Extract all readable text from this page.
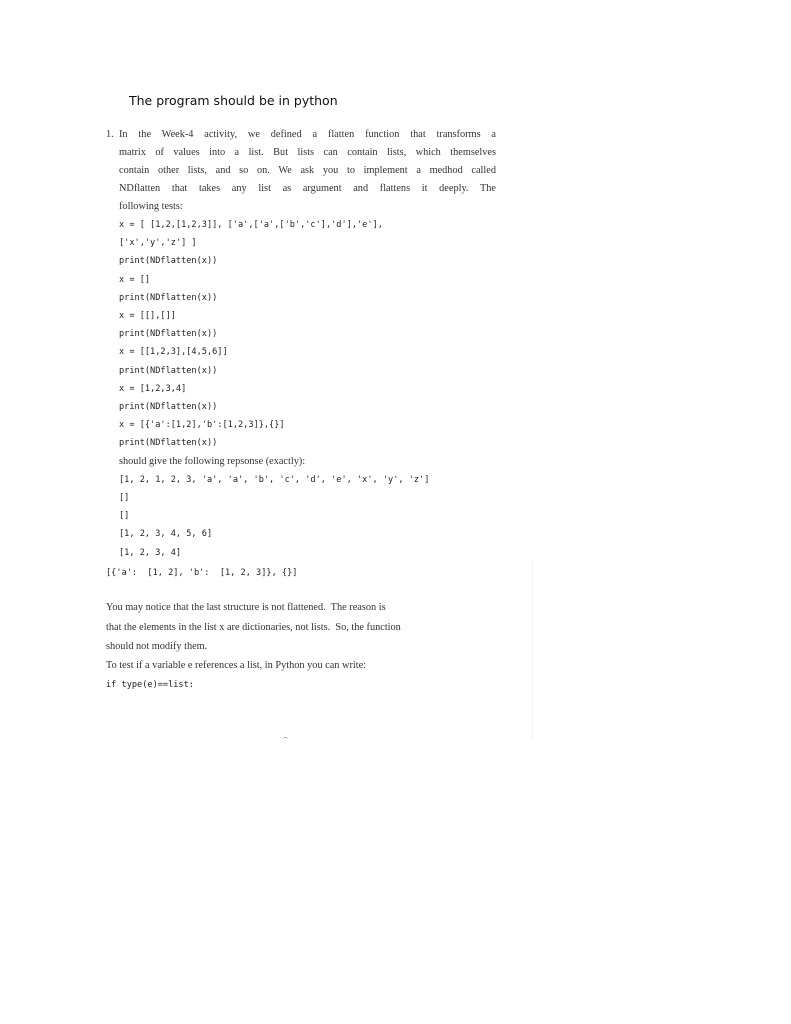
The program should be in python

1. In the Week-4 activity, we defined a flatten function that transforms a

matrix of values into a list. But lists can contain lists, which themselves

contain other lists, and so on. We ask you to implement a medhod called

NDflatten that takes any list as argument and flattens it deeply. The

following tests:

x = [ [1,2,[1,2,3]], ['a',['a',['b','c'],'d'],'e'],
['x','y','z'] ]
print(NDflatten(x))
x = []
print(NDflatten(x))
x = [[],[]]
print(NDflatten(x))
x = [[1,2,3],[4,5,6]]
print(NDflatten(x))
x = [1,2,3,4]
print(NDflatten(x))
x = [{'a':[1,2],'b':[1,2,3]},{}]
print(NDflatten(x))
should give the following repsonse (exactly):
[1, 2, 1, 2, 3, 'a', 'a', 'b', 'c', 'd', 'e', 'x', 'y', 'z']
[]
[]
[1, 2, 3, 4, 5, 6]
[1, 2, 3, 4]
[{'a':  [1, 2], 'b':  [1, 2, 3]}, {}]
You may notice that the last structure is not flattened.  The reason is
that the elements in the list x are dictionaries, not lists.  So, the function
should not modify them.
To test if a variable e references a list, in Python you can write:
if type(e)==list:
